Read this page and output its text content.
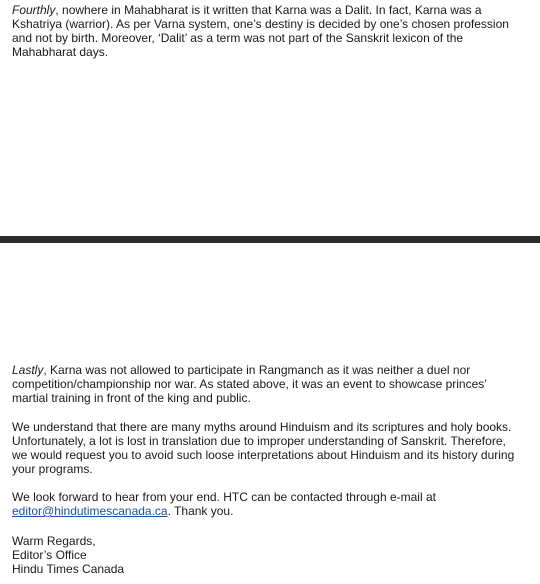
Fourthly, nowhere in Mahabharat is it written that Karna was a Dalit. In fact, Karna was a
Kshatriya (warrior). As per Varna system, one’s destiny is decided by one’s chosen profession
and not by birth. Moreover, ‘Dalit’ as a term was not part of the Sanskrit lexicon of the
Mahabharat days.
Lastly, Karna was not allowed to participate in Rangmanch as it was neither a duel nor
competition/championship nor war. As stated above, it was an event to showcase princes’
martial training in front of the king and public.
We understand that there are many myths around Hinduism and its scriptures and holy books.
Unfortunately, a lot is lost in translation due to improper understanding of Sanskrit. Therefore,
we would request you to avoid such loose interpretations about Hinduism and its history during
your programs.
We look forward to hear from your end. HTC can be contacted through e-mail at
editor@hindutimescanada.ca. Thank you.
Warm Regards,
Editor’s Office
Hindu Times Canada
